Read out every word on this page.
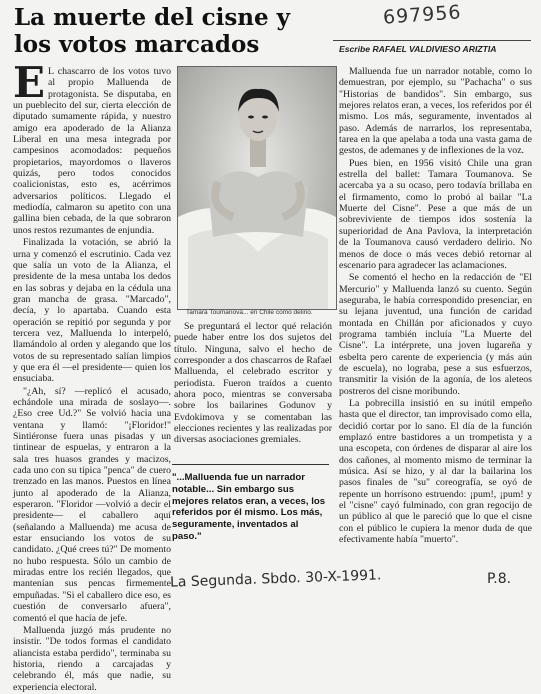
La muerte del cisne y los votos marcados
697956
Escribe RAFAEL VALDIVIESO ARIZTIA

E L chascarro de los votos tuvo al propio Malluenda de protagonista. Se disputaba, en un pueblecito del sur, cierta elección de diputado sumamente rápida, y nuestro amigo era apoderado de la Alianza Liberal en una mesa integrada por campesinos acomodados: pequeños propietarios, mayordomos o llaveros quizás, pero todos conocidos coalicionistas, esto es, acérrimos adversarios políticos. Llegado el mediodía, calmaron su apetito con una gallina bien cebada, de la que sobraron unos restos rezumantes de enjundia.

Finalizada la votación, se abrió la urna y comenzó el escrutinio. Cada vez que salía un voto de la Alianza, el presidente de la mesa untaba los dedos en las sobras y dejaba en la cédula una gran mancha de grasa. "Marcado", decía, y lo apartaba. Cuando esta operación se repitió por segunda y por tercera vez, Malluenda lo interpeló, llamándolo al orden y alegando que los votos de su representado salían limpios y que era él —el presidente— quien los ensuciaba.

"¿Ah, sí? —replicó el acusado, echándole una mirada de soslayo—. ¿Eso cree Ud.?" Se volvió hacia una ventana y llamó: "¡Floridor!" Sintiéronse fuera unas pisadas y un tintinear de espuelas, y entraron a la sala tres huasos grandes y macizos, cada uno con su típica "penca" de cuero trenzado en las manos. Puestos en línea junto al apoderado de la Alianza, esperaron. "Floridor —volvió a decir el presidente— el caballero aquí (señalando a Malluenda) me acusa de estar ensuciando los votos de su candidato. ¿Qué crees tú?" De momento no hubo respuesta. Sólo un cambio de miradas entre los recién llegados, que mantenían sus pencas firmemente empuñadas. "Si el caballero dice eso, es cuestión de conversarlo afuera", comentó el que hacía de jefe.

Malluenda juzgó más prudente no insistir. "De todos formas el candidato aliancista estaba perdido", terminaba su historia, riendo a carcajadas y celebrando él, más que nadie, su experiencia electoral.

Tamara Toumanova... en Chile como delirio.

Se preguntará el lector qué relación puede haber entre los dos sujetos del título. Ninguna, salvo el hecho de corresponder a dos chascarros de Rafael Malluenda, el celebrado escritor y periodista. Fueron traídos a cuento ahora poco, mientras se conversaba sobre los bailarines Godunov y Evdokimova y se comentaban las elecciones recientes y las realizadas por diversas asociaciones gremiales.

"...Malluenda fue un narrador notable... Sin embargo sus mejores relatos eran, a veces, los referidos por él mismo. Los más, seguramente, inventados al paso."

Malluenda fue un narrador notable, como lo demuestran, por ejemplo, su "Pachacha" o sus "Historias de bandidos". Sin embargo, sus mejores relatos eran, a veces, los referidos por él mismo. Los más, seguramente, inventados al paso. Además de narrarlos, los representaba, tarea en la que apelaba a toda una vasta gama de gestos, de ademanes y de inflexiones de la voz.

Pues bien, en 1956 visitó Chile una gran estrella del ballet: Tamara Toumanova. Se acercaba ya a su ocaso, pero todavía brillaba en el firmamento, como lo probó al bailar "La Muerte del Cisne". Pese a que más de un sobreviviente de tiempos idos sostenía la superioridad de Ana Pavlova, la interpretación de la Toumanova causó verdadero delirio. No menos de doce o más veces debió retornar al escenario para agradecer las aclamaciones.

Se comentó el hecho en la redacción de "El Mercurio" y Malluenda lanzó su cuento. Según aseguraba, le había correspondido presenciar, en su lejana juventud, una función de caridad montada en Chillán por aficionados y cuyo programa también incluía "La Muerte del Cisne". La intérprete, una joven lugareña y esbelta pero carente de experiencia (y más aún de escuela), no lograba, pese a sus esfuerzos, transmitir la visión de la agonía, de los aleteos postreros del cisne moribundo.

La pobrecilla insistió en su inútil empeño hasta que el director, tan improvisado como ella, decidió cortar por lo sano. El día de la función emplazó entre bastidores a un trompetista y a una escopeta, con órdenes de disparar al aire los dos cañones, al momento mismo de terminar la música. Así se hizo, y al dar la bailarina los pasos finales de "su" coreografía, se oyó de repente un horrísono estruendo: ¡pum!, ¡pum! y el "cisne" cayó fulminado, con gran regocijo de un público al que le pareció que lo que el cisne con el público le cupiera la menor duda de que efectivamente había "muerto".

La Segunda. Sbdo. 30-X-1991.	P.8.
